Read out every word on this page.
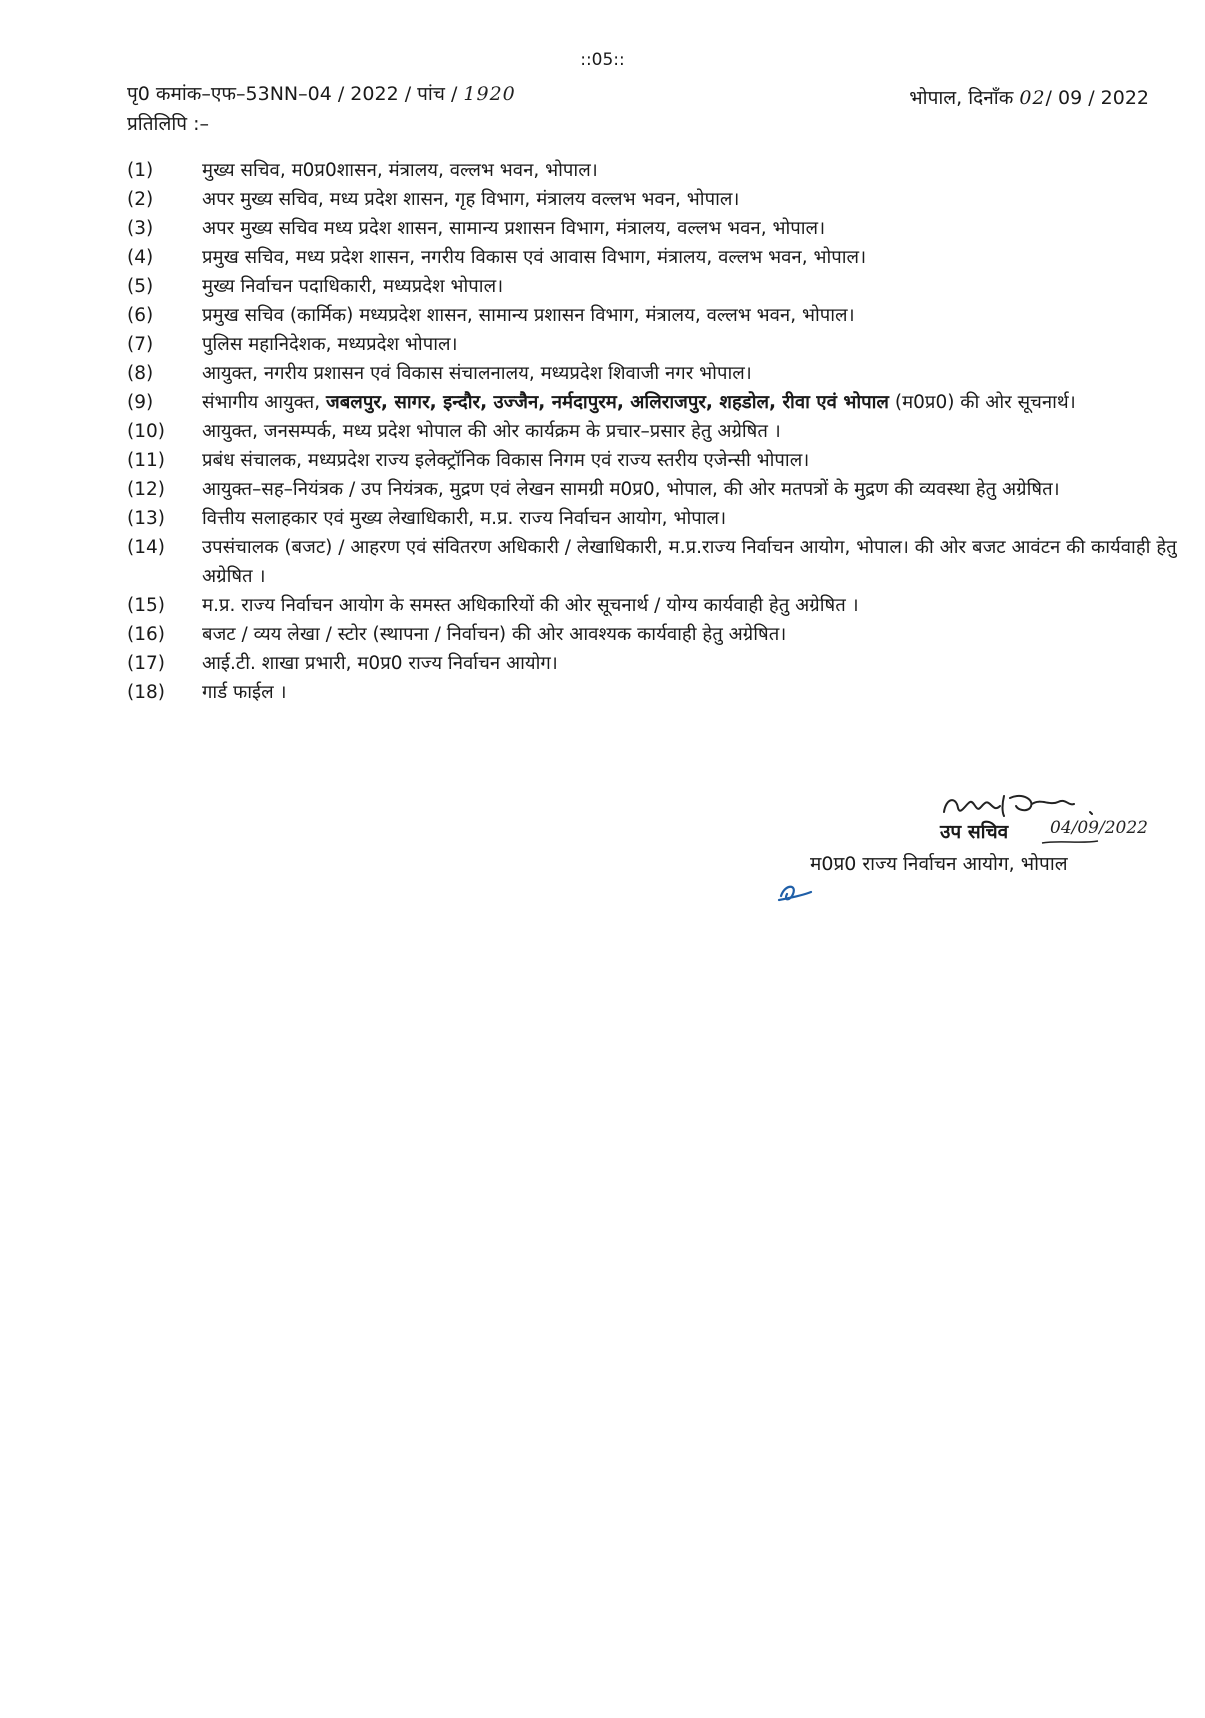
::05::
पृ0 कमांक–एफ–53NN–04 / 2022 / पांच / 1920	भोपाल, दिनाँक 02/ 09 / 2022
प्रतिलिपि :–
(1)	मुख्य सचिव, म0प्र0शासन, मंत्रालय, वल्लभ भवन, भोपाल।
(2)	अपर मुख्य सचिव, मध्य प्रदेश शासन, गृह विभाग, मंत्रालय वल्लभ भवन, भोपाल।
(3)	अपर मुख्य सचिव मध्य प्रदेश शासन, सामान्य प्रशासन विभाग, मंत्रालय, वल्लभ भवन, भोपाल।
(4)	प्रमुख सचिव, मध्य प्रदेश शासन, नगरीय विकास एवं आवास विभाग, मंत्रालय, वल्लभ भवन, भोपाल।
(5)	मुख्य निर्वाचन पदाधिकारी, मध्यप्रदेश भोपाल।
(6)	प्रमुख सचिव (कार्मिक) मध्यप्रदेश शासन, सामान्य प्रशासन विभाग, मंत्रालय, वल्लभ भवन, भोपाल।
(7)	पुलिस महानिदेशक, मध्यप्रदेश भोपाल।
(8)	आयुक्त, नगरीय प्रशासन एवं विकास संचालनालय, मध्यप्रदेश शिवाजी नगर भोपाल।
(9)	संभागीय आयुक्त, जबलपुर, सागर, इन्दौर, उज्जैन, नर्मदापुरम, अलिराजपुर, शहडोल, रीवा एवं भोपाल (म0प्र0) की ओर सूचनार्थ।
(10)	आयुक्त, जनसम्पर्क, मध्य प्रदेश भोपाल की ओर कार्यक्रम के प्रचार–प्रसार हेतु अग्रेषित ।
(11)	प्रबंध संचालक, मध्यप्रदेश राज्य इलेक्ट्रॉनिक विकास निगम एवं राज्य स्तरीय एजेन्सी भोपाल।
(12)	आयुक्त–सह–नियंत्रक / उप नियंत्रक, मुद्रण एवं लेखन सामग्री म0प्र0, भोपाल, की ओर मतपत्रों के मुद्रण की व्यवस्था हेतु अग्रेषित।
(13)	वित्तीय सलाहकार एवं मुख्य लेखाधिकारी, म.प्र. राज्य निर्वाचन आयोग, भोपाल।
(14)	उपसंचालक (बजट) / आहरण एवं संवितरण अधिकारी / लेखाधिकारी, म.प्र.राज्य निर्वाचन आयोग, भोपाल। की ओर बजट आवंटन की कार्यवाही हेतु अग्रेषित ।
(15)	म.प्र. राज्य निर्वाचन आयोग के समस्त अधिकारियों की ओर सूचनार्थ / योग्य कार्यवाही हेतु अग्रेषित ।
(16)	बजट / व्यय लेखा / स्टोर (स्थापना / निर्वाचन) की ओर आवश्यक कार्यवाही हेतु अग्रेषित।
(17)	आई.टी. शाखा प्रभारी, म0प्र0 राज्य निर्वाचन आयोग।
(18)	गार्ड फाईल ।
उप सचिव 04/09/2022
म0प्र0 राज्य निर्वाचन आयोग, भोपाल
